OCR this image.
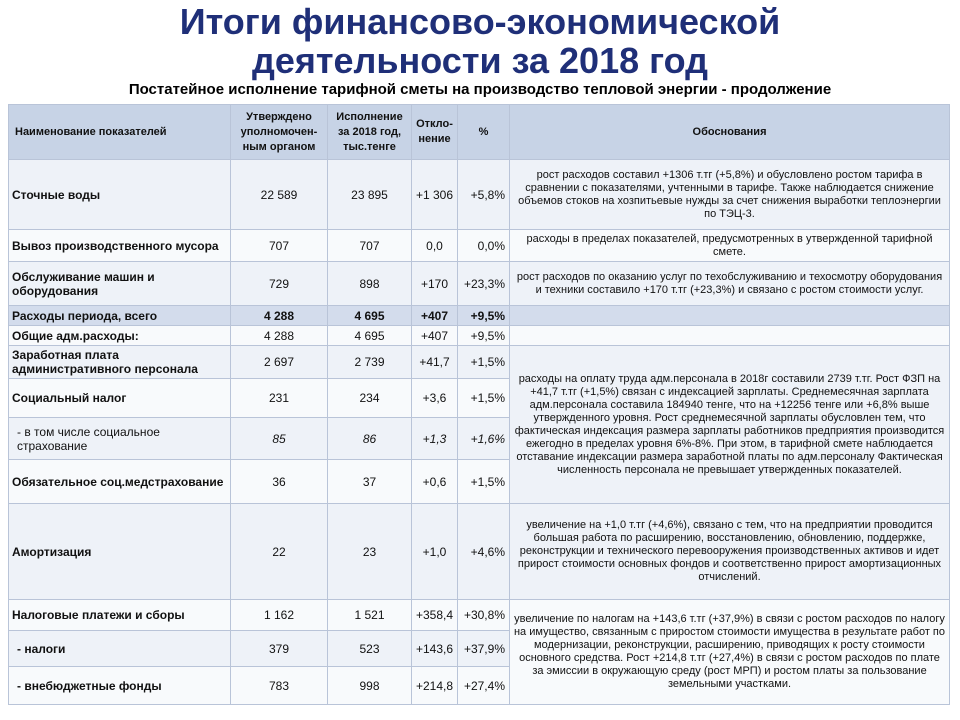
Итоги финансово-экономической
деятельности за 2018 год
Постатейное исполнение тарифной сметы на производство тепловой энергии - продолжение
Наименование показателей	Утверждено уполномочен-ным органом	Исполнение за 2018 год, тыс.тенге	Откло-нение	%	Обоснования
Сточные воды	22 589	23 895	+1 306	+5,8%	рост расходов составил +1306 т.тг (+5,8%) и обусловлено ростом тарифа в сравнении с показателями, учтенными в тарифе. Также наблюдается снижение объемов стоков на хозпитьевые нужды за счет снижения выработки теплоэнергии по ТЭЦ-3.
Вывоз производственного мусора	707	707	0,0	0,0%	расходы в пределах показателей, предусмотренных в утвержденной тарифной смете.
Обслуживание машин и оборудования	729	898	+170	+23,3%	рост расходов по оказанию услуг по техобслуживанию и техосмотру оборудования и техники составило +170 т.тг (+23,3%) и связано с ростом стоимости услуг.
Расходы периода, всего	4 288	4 695	+407	+9,5%	
Общие адм.расходы:	4 288	4 695	+407	+9,5%	
Заработная плата административного персонала	2 697	2 739	+41,7	+1,5%	расходы на оплату труда адм.персонала в 2018г составили 2739 т.тг. Рост ФЗП на +41,7 т.тг (+1,5%) связан с индексацией зарплаты. Среднемесячная зарплата адм.персонала составила 184940 тенге, что на +12256 тенге или +6,8% выше утвержденного уровня. Рост среднемесячной зарплаты обусловлен тем, что фактическая индексация размера зарплаты работников предприятия производится ежегодно в пределах уровня 6%-8%. При этом, в тарифной смете наблюдается отставание индексации размера заработной платы по адм.персоналу Фактическая численность персонала не превышает утвержденных показателей.
Социальный налог	231	234	+3,6	+1,5%	
- в том числе социальное страхование	85	86	+1,3	+1,6%	
Обязательное соц.медстрахование	36	37	+0,6	+1,5%	
Амортизация	22	23	+1,0	+4,6%	увеличение на +1,0 т.тг (+4,6%), связано с тем, что на предприятии проводится большая работа по расширению, восстановлению, обновлению, поддержке, реконструкции и технического перевооружения производственных активов и идет прирост стоимости основных фондов и соответственно прирост амортизационных отчислений.
Налоговые платежи и сборы	1 162	1 521	+358,4	+30,8%	увеличение по налогам на +143,6 т.тг (+37,9%) в связи с ростом расходов по налогу на имущество, связанным с приростом стоимости имущества в результате работ по модернизации, реконструкции, расширению, приводящих к росту стоимости основного средства. Рост +214,8 т.тг (+27,4%) в связи с ростом расходов по плате за эмиссии в окружающую среду (рост МРП) и ростом платы за пользование земельными участками.
- налоги	379	523	+143,6	+37,9%	
- внебюджетные фонды	783	998	+214,8	+27,4%	
